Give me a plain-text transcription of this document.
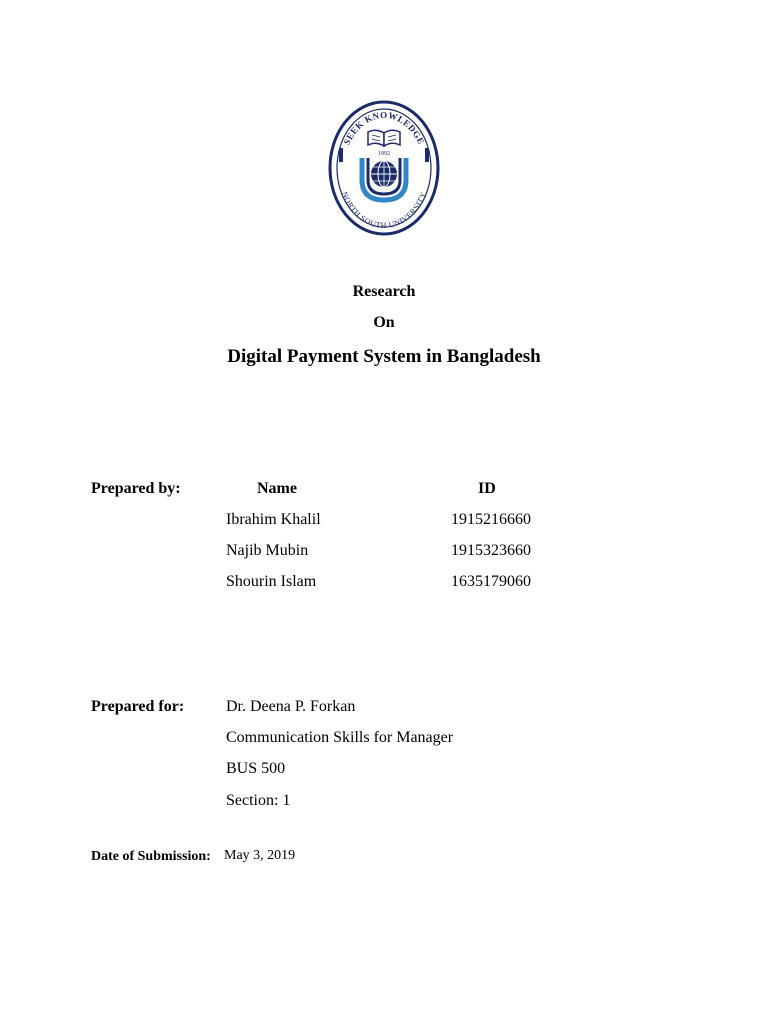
SEEK KNOWLEDGE
NORTH SOUTH UNIVERSITY
1992
Research
On
Digital Payment System in Bangladesh
Prepared by:	Name	ID
Ibrahim Khalil	1915216660
Najib Mubin	1915323660
Shourin Islam	1635179060
Prepared for:	Dr. Deena P. Forkan
Communication Skills for Manager
BUS 500
Section: 1
Date of Submission: May 3, 2019
